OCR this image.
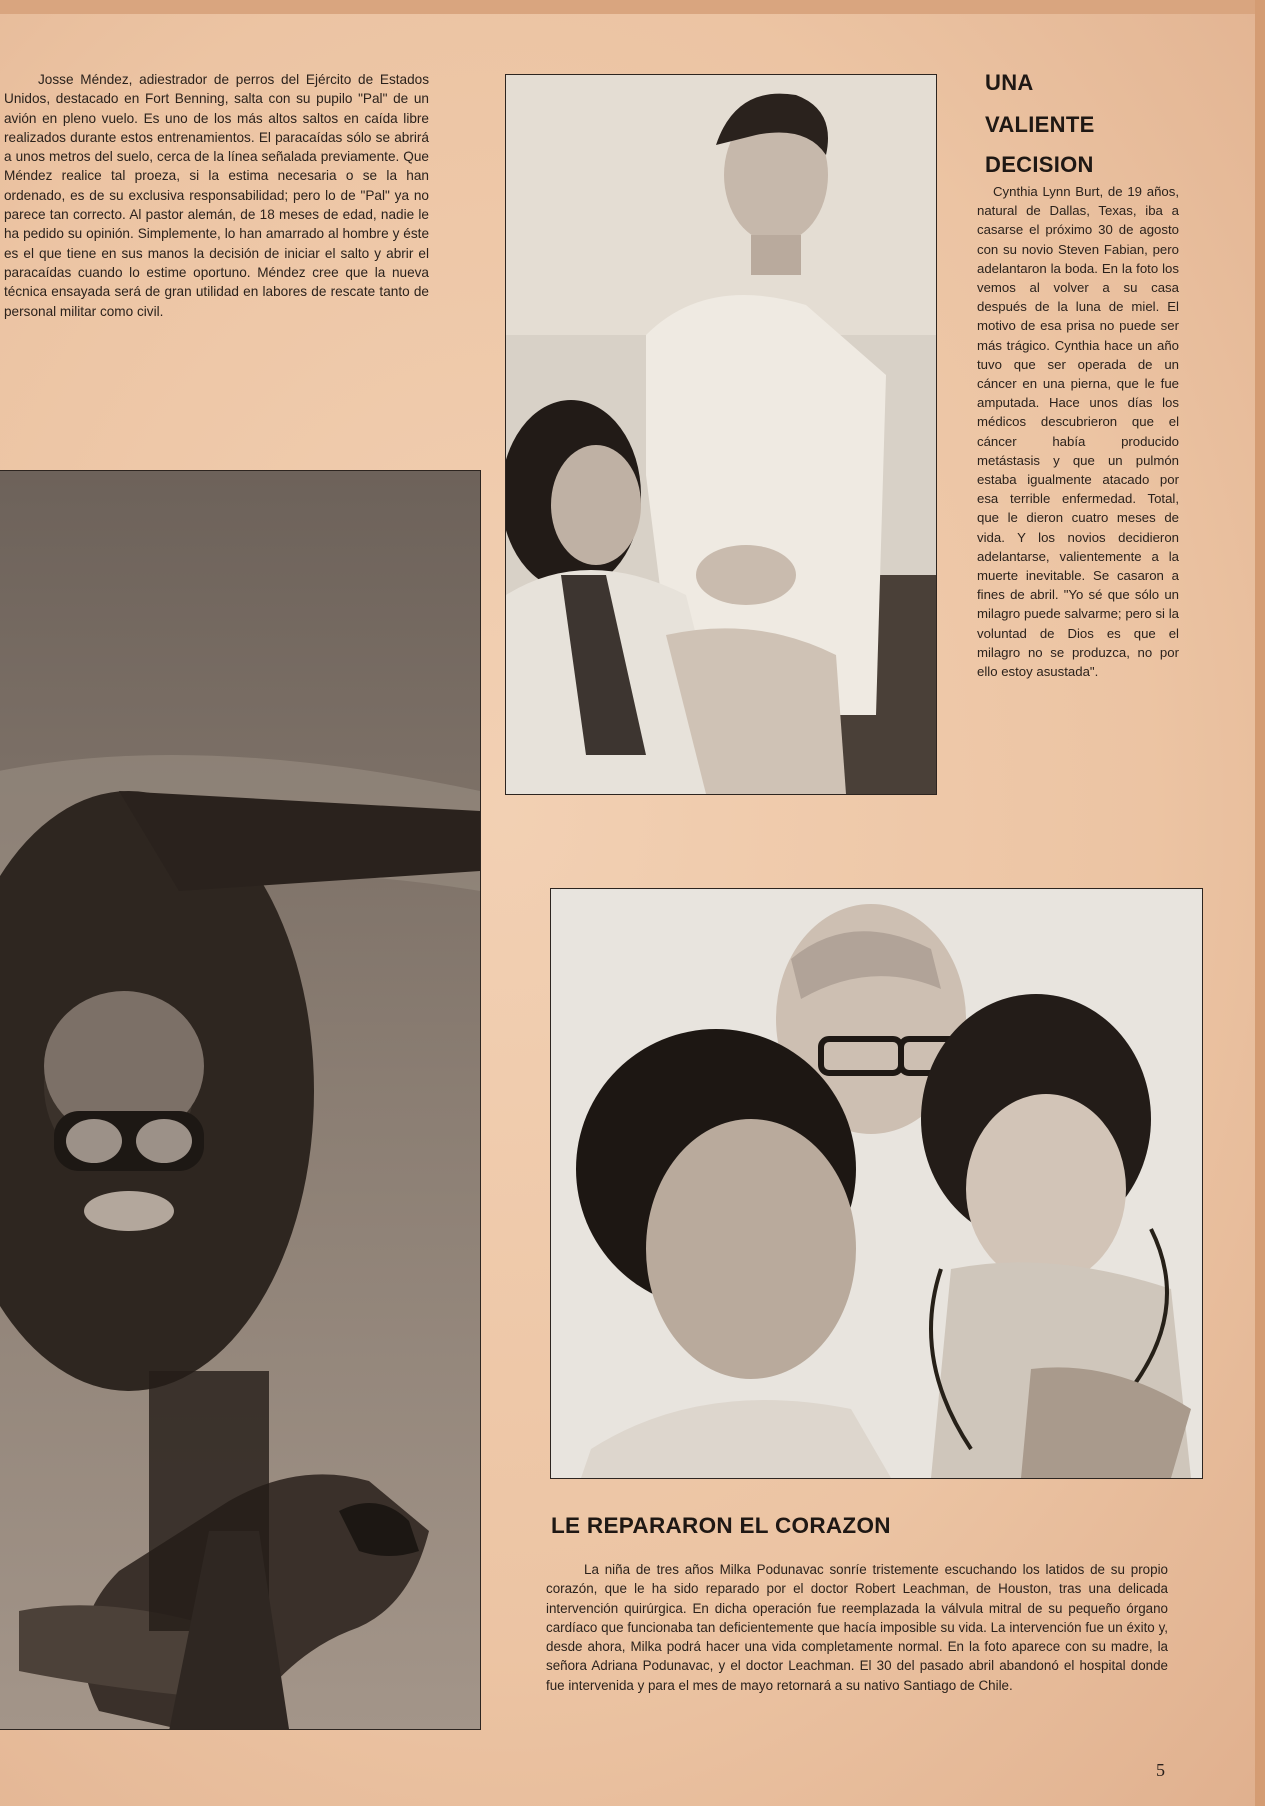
Josse Méndez, adiestrador de perros del Ejército de Estados Unidos, destacado en Fort Benning, salta con su pupilo "Pal" de un avión en pleno vuelo. Es uno de los más altos saltos en caída libre realizados durante estos entrenamientos. El paracaídas sólo se abrirá a unos metros del suelo, cerca de la línea señalada previamente. Que Méndez realice tal proeza, si la estima necesaria o se la han ordenado, es de su exclusiva responsabilidad; pero lo de "Pal" ya no parece tan correcto. Al pastor alemán, de 18 meses de edad, nadie le ha pedido su opinión. Simplemente, lo han amarrado al hombre y éste es el que tiene en sus manos la decisión de iniciar el salto y abrir el paracaídas cuando lo estime oportuno. Méndez cree que la nueva técnica ensayada será de gran utilidad en labores de rescate tanto de personal militar como civil.

UNA
VALIENTE
DECISION

Cynthia Lynn Burt, de 19 años, natural de Dallas, Texas, iba a casarse el próximo 30 de agosto con su novio Steven Fabian, pero adelantaron la boda. En la foto los vemos al volver a su casa después de la luna de miel. El motivo de esa prisa no puede ser más trágico. Cynthia hace un año tuvo que ser operada de un cáncer en una pierna, que le fue amputada. Hace unos días los médicos descubrieron que el cáncer había producido metástasis y que un pulmón estaba igualmente atacado por esa terrible enfermedad. Total, que le dieron cuatro meses de vida. Y los novios decidieron adelantarse, valientemente a la muerte inevitable. Se casaron a fines de abril. "Yo sé que sólo un milagro puede salvarme; pero si la voluntad de Dios es que el milagro no se produzca, no por ello estoy asustada".

LE REPARARON EL CORAZON

La niña de tres años Milka Podunavac sonríe tristemente escuchando los latidos de su propio corazón, que le ha sido reparado por el doctor Robert Leachman, de Houston, tras una delicada intervención quirúrgica. En dicha operación fue reemplazada la válvula mitral de su pequeño órgano cardíaco que funcionaba tan deficientemente que hacía imposible su vida. La intervención fue un éxito y, desde ahora, Milka podrá hacer una vida completamente normal. En la foto aparece con su madre, la señora Adriana Podunavac, y el doctor Leachman. El 30 del pasado abril abandonó el hospital donde fue intervenida y para el mes de mayo retornará a su nativo Santiago de Chile.

5
